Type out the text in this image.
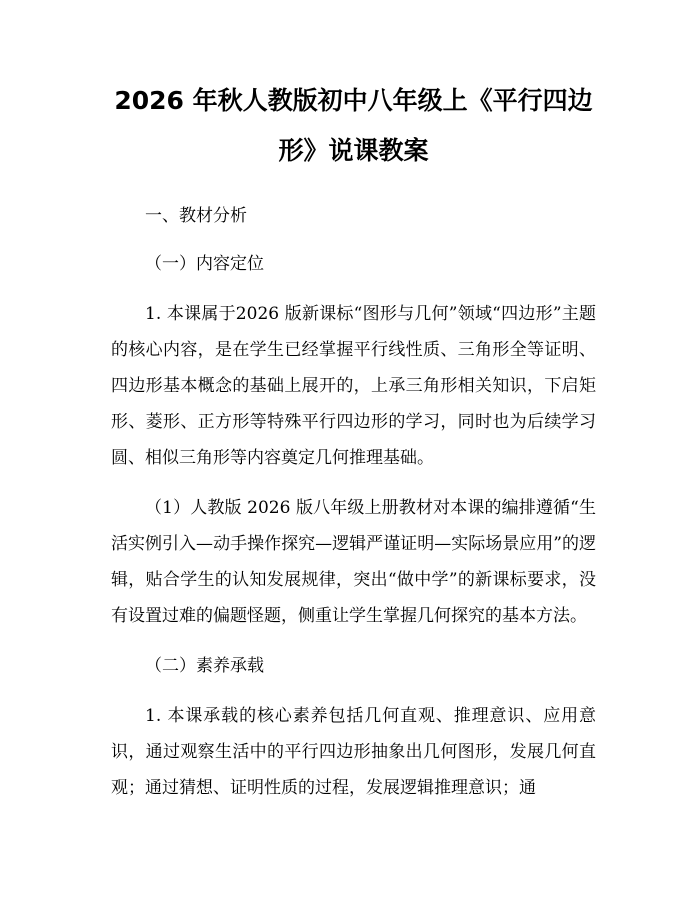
2026 年秋人教版初中八年级上《平行四边
形》说课教案

一、教材分析

（一）内容定位

1. 本课属于2026 版新课标“图形与几何”领域“四边形”主题的核心内容，是在学生已经掌握平行线性质、三角形全等证明、四边形基本概念的基础上展开的，上承三角形相关知识，下启矩形、菱形、正方形等特殊平行四边形的学习，同时也为后续学习圆、相似三角形等内容奠定几何推理基础。

（1）人教版 2026 版八年级上册教材对本课的编排遵循“生活实例引入—动手操作探究—逻辑严谨证明—实际场景应用”的逻辑，贴合学生的认知发展规律，突出“做中学”的新课标要求，没有设置过难的偏题怪题，侧重让学生掌握几何探究的基本方法。

（二）素养承载

1. 本课承载的核心素养包括几何直观、推理意识、应用意识，通过观察生活中的平行四边形抽象出几何图形，发展几何直观；通过猜想、证明性质的过程，发展逻辑推理意识；通
